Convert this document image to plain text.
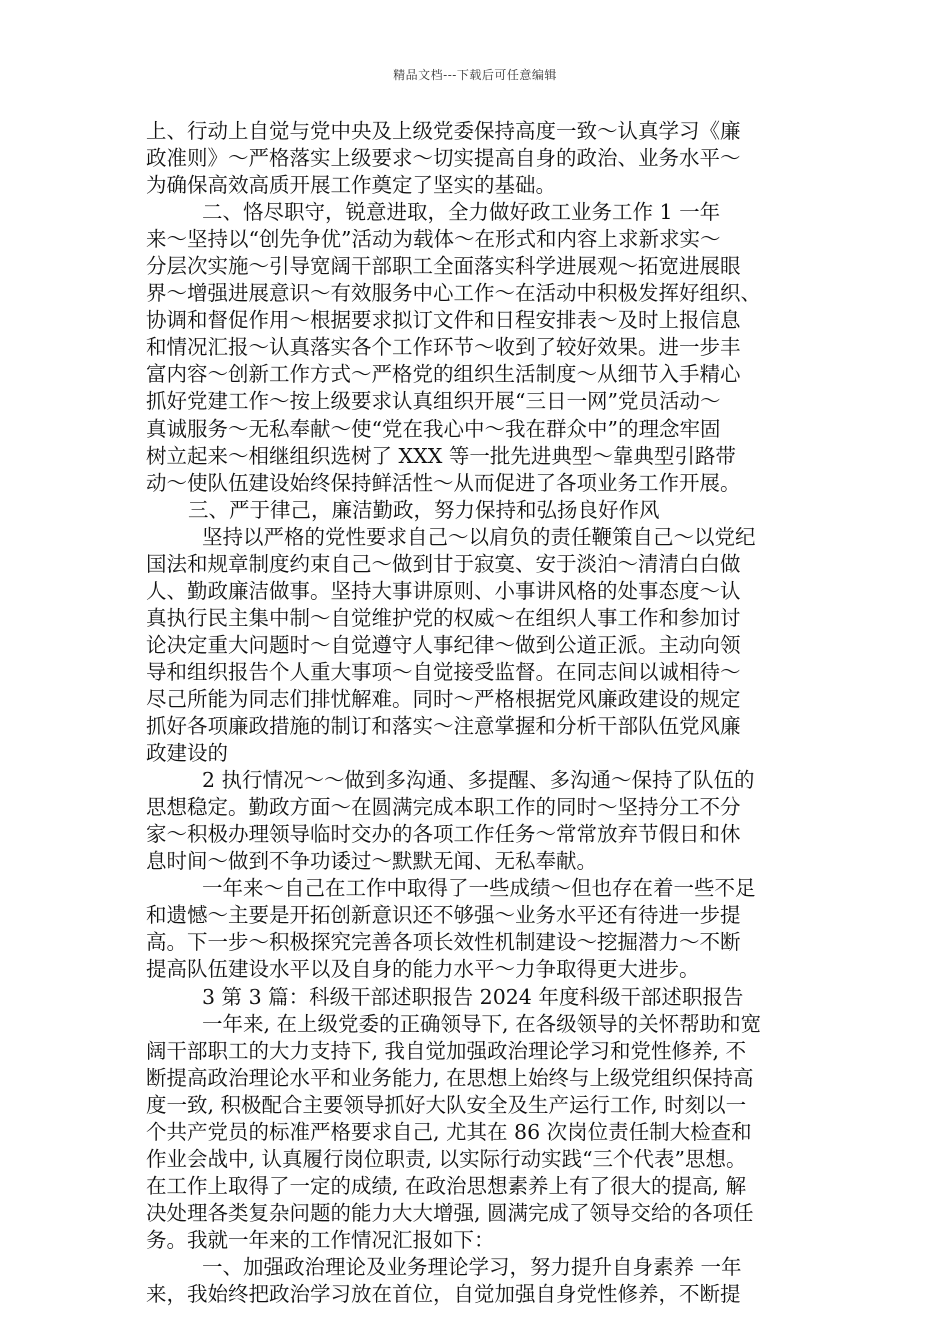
精品文档---下载后可任意编辑
上、行动上自觉与党中央及上级党委保持高度一致～认真学习《廉
政准则》～严格落实上级要求～切实提高自身的政治、业务水平～
为确保高效高质开展工作奠定了坚实的基础。
二、恪尽职守，锐意进取，全力做好政工业务工作 1 一年
来～坚持以“创先争优”活动为载体～在形式和内容上求新求实～
分层次实施～引导宽阔干部职工全面落实科学进展观～拓宽进展眼
界～增强进展意识～有效服务中心工作～在活动中积极发挥好组织、
协调和督促作用～根据要求拟订文件和日程安排表～及时上报信息
和情况汇报～认真落实各个工作环节～收到了较好效果。进一步丰
富内容～创新工作方式～严格党的组织生活制度～从细节入手精心
抓好党建工作～按上级要求认真组织开展“三日一网”党员活动～
真诚服务～无私奉献～使“党在我心中～我在群众中”的理念牢固
树立起来～相继组织选树了 XXX 等一批先进典型～靠典型引路带
动～使队伍建设始终保持鲜活性～从而促进了各项业务工作开展。
三、严于律己，廉洁勤政，努力保持和弘扬良好作风
坚持以严格的党性要求自己～以肩负的责任鞭策自己～以党纪
国法和规章制度约束自己～做到甘于寂寞、安于淡泊～清清白白做
人、勤政廉洁做事。坚持大事讲原则、小事讲风格的处事态度～认
真执行民主集中制～自觉维护党的权威～在组织人事工作和参加讨
论决定重大问题时～自觉遵守人事纪律～做到公道正派。主动向领
导和组织报告个人重大事项～自觉接受监督。在同志间以诚相待～
尽己所能为同志们排忧解难。同时～严格根据党风廉政建设的规定
抓好各项廉政措施的制订和落实～注意掌握和分析干部队伍党风廉
政建设的
2 执行情况～～做到多沟通、多提醒、多沟通～保持了队伍的
思想稳定。勤政方面～在圆满完成本职工作的同时～坚持分工不分
家～积极办理领导临时交办的各项工作任务～常常放弃节假日和休
息时间～做到不争功诿过～默默无闻、无私奉献。
一年来～自己在工作中取得了一些成绩～但也存在着一些不足
和遗憾～主要是开拓创新意识还不够强～业务水平还有待进一步提
高。下一步～积极探究完善各项长效性机制建设～挖掘潜力～不断
提高队伍建设水平以及自身的能力水平～力争取得更大进步。
3 第 3 篇：科级干部述职报告 2024 年度科级干部述职报告
一年来, 在上级党委的正确领导下, 在各级领导的关怀帮助和宽
阔干部职工的大力支持下, 我自觉加强政治理论学习和党性修养, 不
断提高政治理论水平和业务能力, 在思想上始终与上级党组织保持高
度一致, 积极配合主要领导抓好大队安全及生产运行工作, 时刻以一
个共产党员的标准严格要求自己, 尤其在 86 次岗位责任制大检查和
作业会战中, 认真履行岗位职责, 以实际行动实践“三个代表”思想。
在工作上取得了一定的成绩, 在政治思想素养上有了很大的提高, 解
决处理各类复杂问题的能力大大增强, 圆满完成了领导交给的各项任
务。我就一年来的工作情况汇报如下：
一、加强政治理论及业务理论学习，努力提升自身素养 一年
来，我始终把政治学习放在首位，自觉加强自身党性修养，不断提
